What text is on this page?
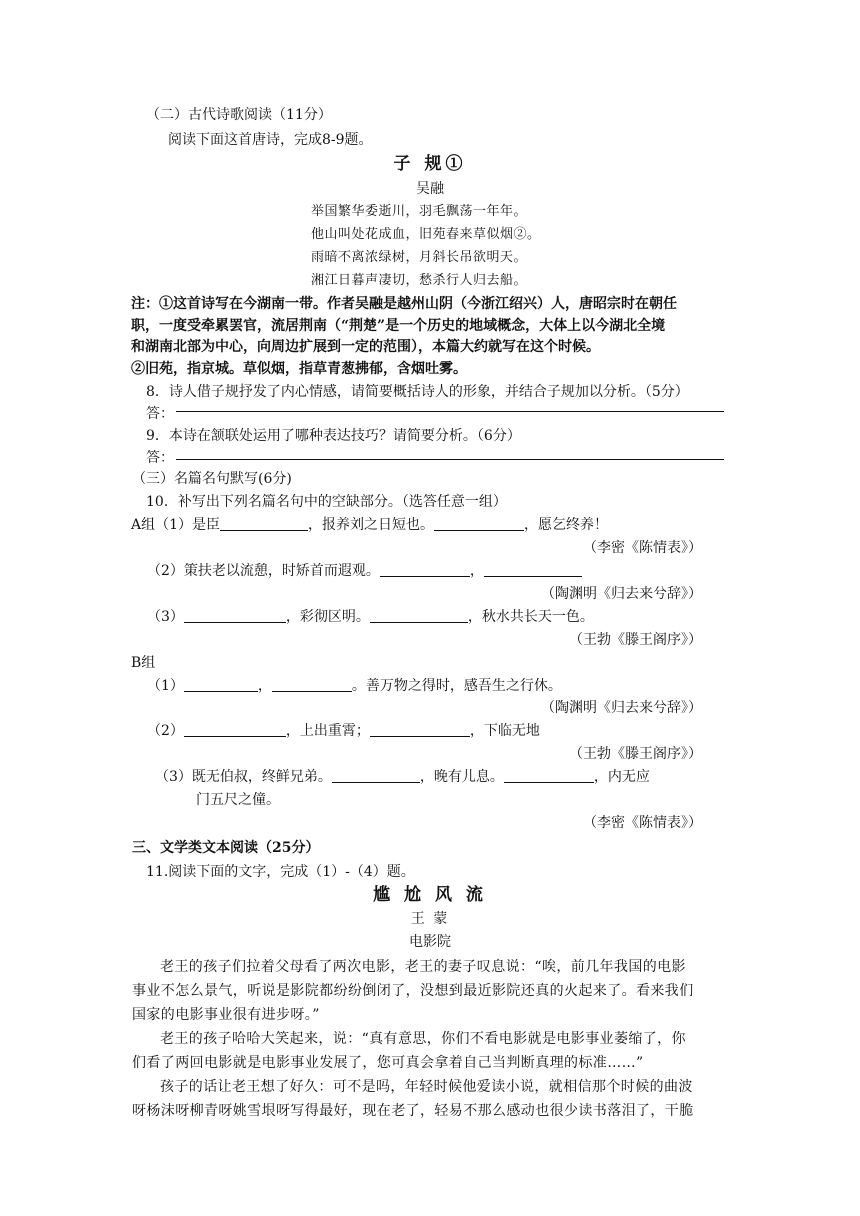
（二）古代诗歌阅读（11分）
阅读下面这首唐诗，完成8-9题。
子 规①
吴融
举国繁华委逝川，羽毛飘荡一年年。
他山叫处花成血，旧苑春来草似烟②。
雨暗不离浓绿树，月斜长吊欲明天。
湘江日暮声凄切，愁杀行人归去船。
注：①这首诗写在今湖南一带。作者吴融是越州山阴（今浙江绍兴）人，唐昭宗时在朝任
职，一度受牵累罢官，流居荆南（“荆楚”是一个历史的地域概念，大体上以今湖北全境
和湖南北部为中心，向周边扩展到一定的范围），本篇大约就写在这个时候。
②旧苑，指京城。草似烟，指草青葱拂郁，含烟吐雾。
8．诗人借子规抒发了内心情感，请简要概括诗人的形象，并结合子规加以分析。（5分）
答：
9．本诗在颔联处运用了哪种表达技巧？请简要分析。（6分）
答：
（三）名篇名句默写(6分)
10．补写出下列名篇名句中的空缺部分。（选答任意一组）
A组（1）是臣	，报养刘之日短也。	，愿乞终养！
（李密《陈情表》）
（2）策扶老以流憩，时矫首而遐观。	，
（陶渊明《归去来兮辞》）
（3）	，彩彻区明。	，秋水共长天一色。
（王勃《滕王阁序》）
B组
（1）	，	。善万物之得时，感吾生之行休。
（陶渊明《归去来兮辞》）
（2）	，上出重霄；	，下临无地
（王勃《滕王阁序》）
（3）既无伯叔，终鲜兄弟。	，晚有儿息。	，内无应
门五尺之僮。
（李密《陈情表》）
三、文学类文本阅读（25分）
11.阅读下面的文字，完成（1）-（4）题。
尴 尬 风 流
王 蒙
电影院
老王的孩子们拉着父母看了两次电影，老王的妻子叹息说：“唉，前几年我国的电影
事业不怎么景气，听说是影院都纷纷倒闭了，没想到最近影院还真的火起来了。看来我们
国家的电影事业很有进步呀。”
老王的孩子哈哈大笑起来，说：“真有意思，你们不看电影就是电影事业萎缩了，你
们看了两回电影就是电影事业发展了，您可真会拿着自己当判断真理的标准……”
孩子的话让老王想了好久：可不是吗，年轻时候他爱读小说，就相信那个时候的曲波
呀杨沫呀柳青呀姚雪垠呀写得最好，现在老了，轻易不那么感动也很少读书落泪了，干脆
